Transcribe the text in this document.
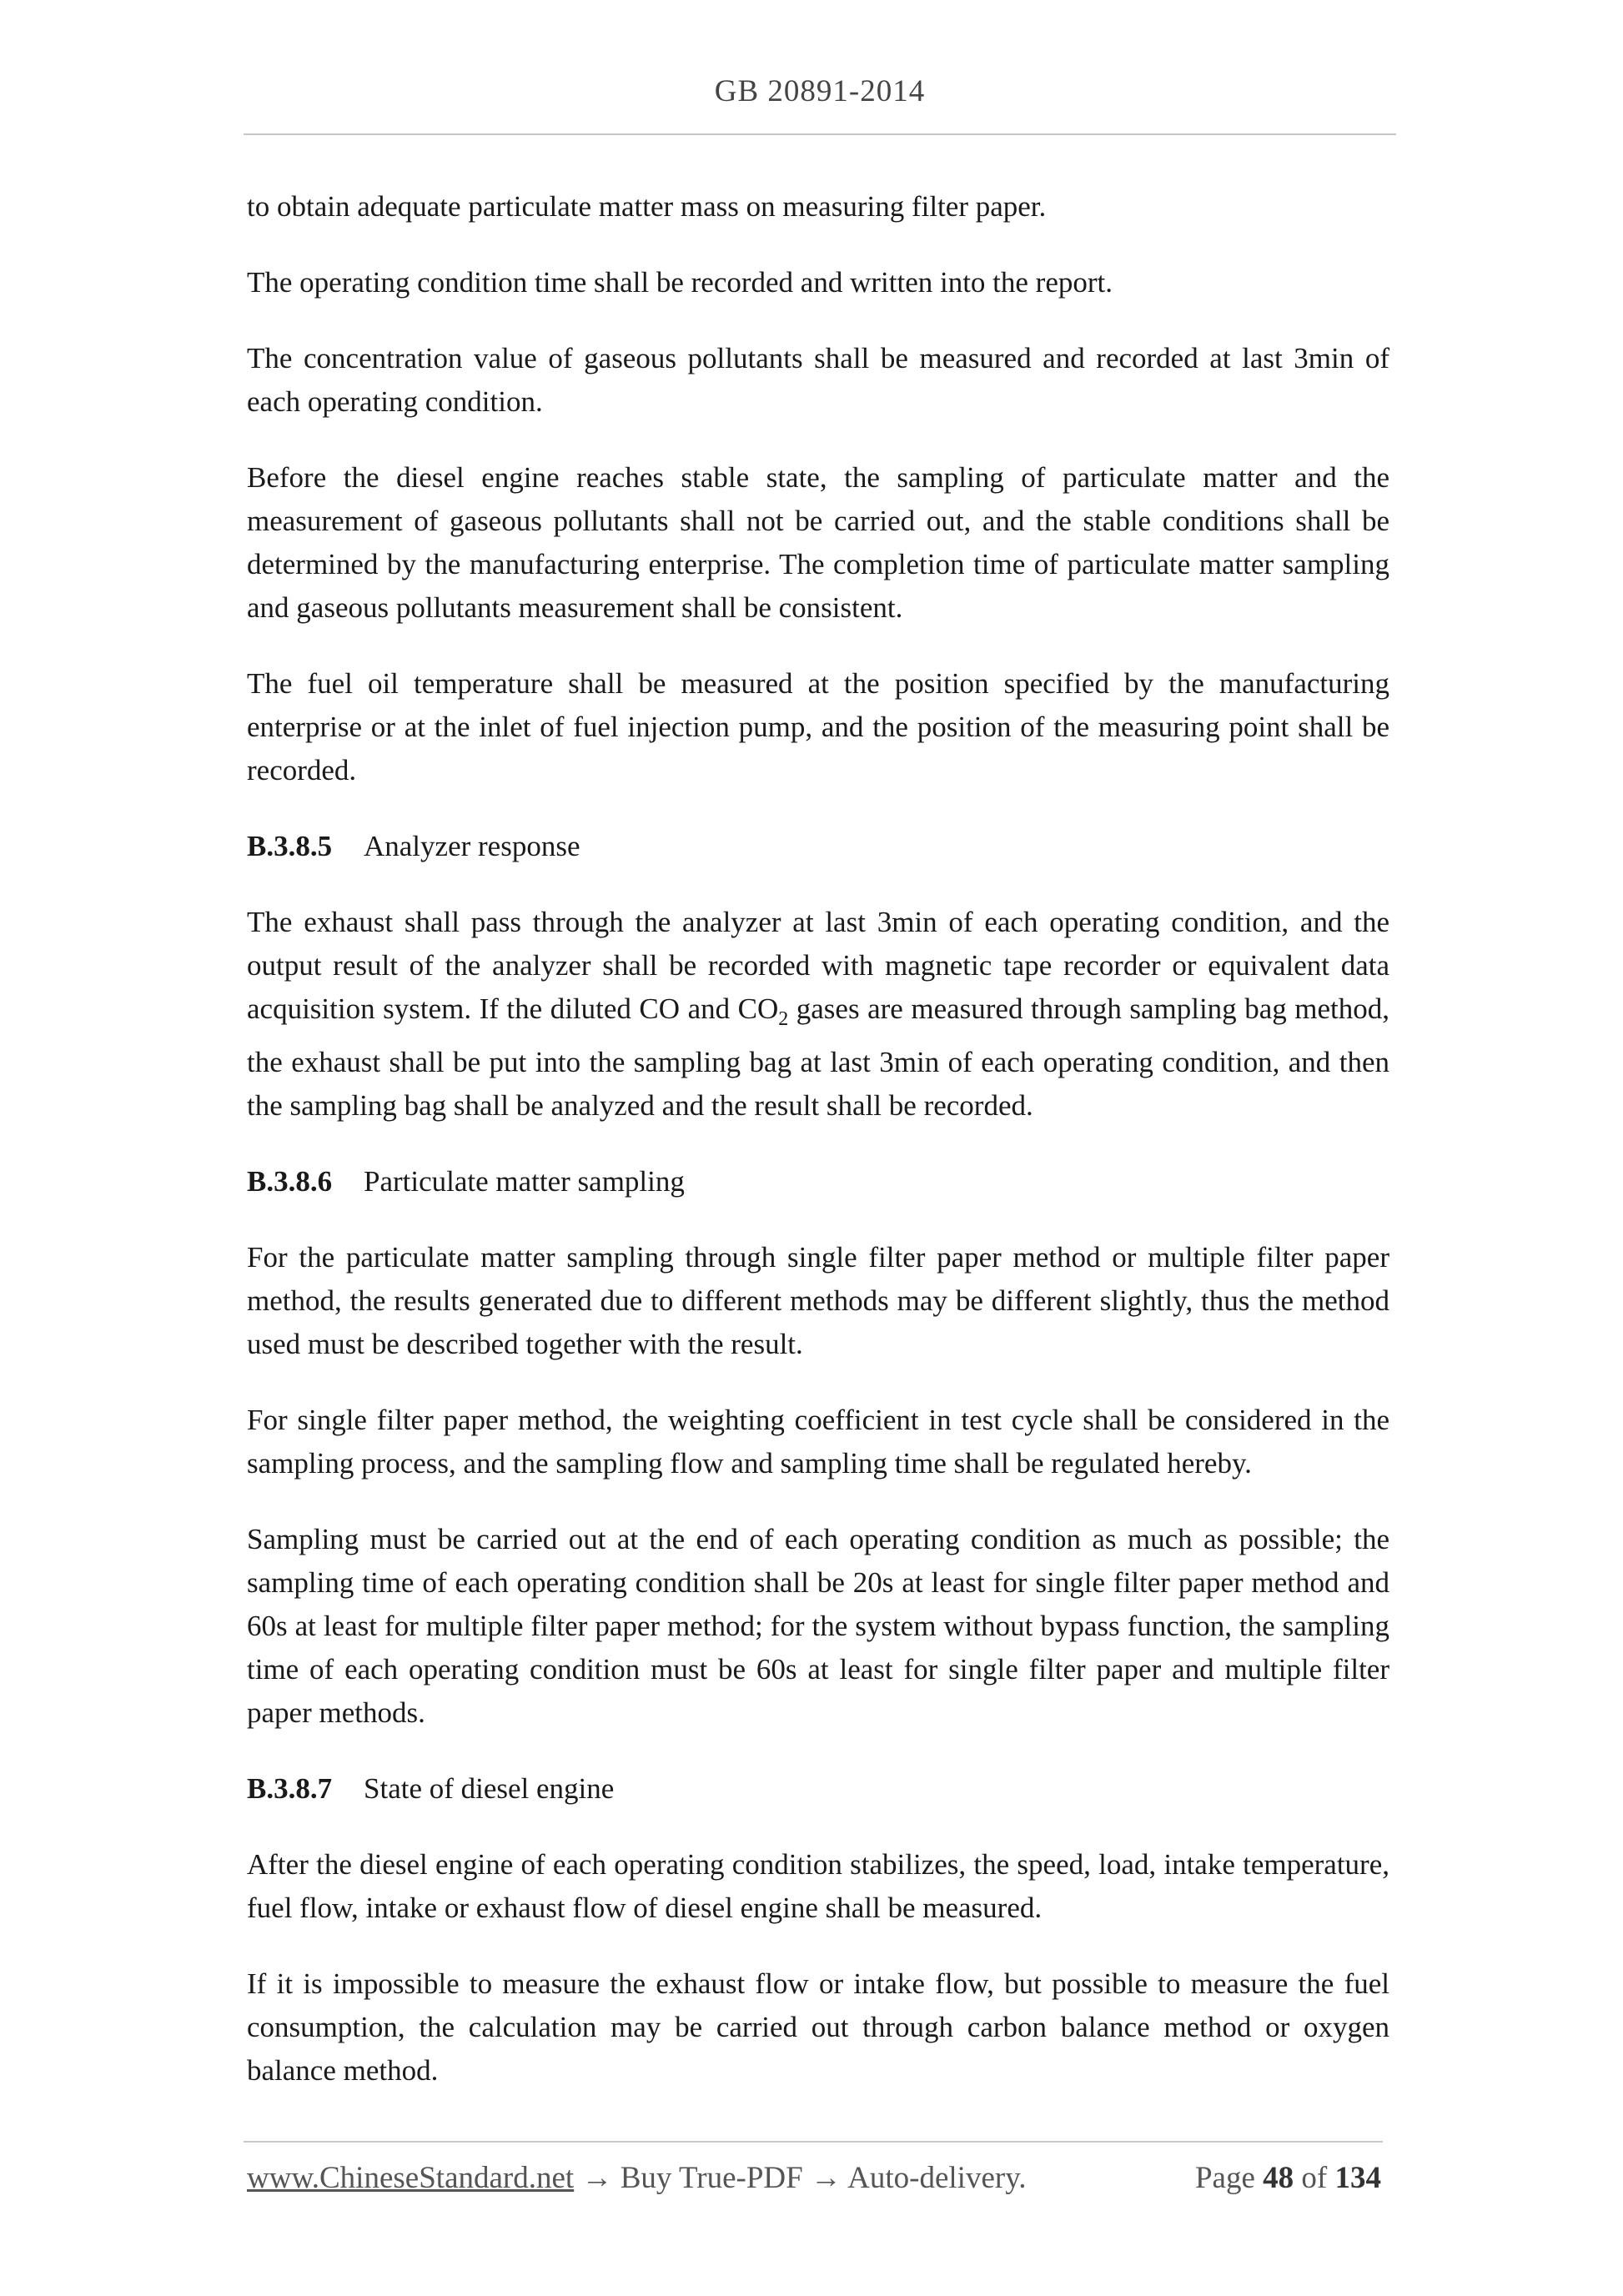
GB 20891-2014

to obtain adequate particulate matter mass on measuring filter paper.

The operating condition time shall be recorded and written into the report.

The concentration value of gaseous pollutants shall be measured and recorded at last 3min of each operating condition.

Before the diesel engine reaches stable state, the sampling of particulate matter and the measurement of gaseous pollutants shall not be carried out, and the stable conditions shall be determined by the manufacturing enterprise. The completion time of particulate matter sampling and gaseous pollutants measurement shall be consistent.

The fuel oil temperature shall be measured at the position specified by the manufacturing enterprise or at the inlet of fuel injection pump, and the position of the measuring point shall be recorded.

B.3.8.5 Analyzer response

The exhaust shall pass through the analyzer at last 3min of each operating condition, and the output result of the analyzer shall be recorded with magnetic tape recorder or equivalent data acquisition system. If the diluted CO and $CO_2$ gases are measured through sampling bag method, the exhaust shall be put into the sampling bag at last 3min of each operating condition, and then the sampling bag shall be analyzed and the result shall be recorded.

B.3.8.6 Particulate matter sampling

For the particulate matter sampling through single filter paper method or multiple filter paper method, the results generated due to different methods may be different slightly, thus the method used must be described together with the result.

For single filter paper method, the weighting coefficient in test cycle shall be considered in the sampling process, and the sampling flow and sampling time shall be regulated hereby.

Sampling must be carried out at the end of each operating condition as much as possible; the sampling time of each operating condition shall be 20s at least for single filter paper method and 60s at least for multiple filter paper method; for the system without bypass function, the sampling time of each operating condition must be 60s at least for single filter paper and multiple filter paper methods.

B.3.8.7 State of diesel engine

After the diesel engine of each operating condition stabilizes, the speed, load, intake temperature, fuel flow, intake or exhaust flow of diesel engine shall be measured.

If it is impossible to measure the exhaust flow or intake flow, but possible to measure the fuel consumption, the calculation may be carried out through carbon balance method or oxygen balance method.

www.ChineseStandard.net → Buy True-PDF → Auto-delivery.	Page 48 of 134
